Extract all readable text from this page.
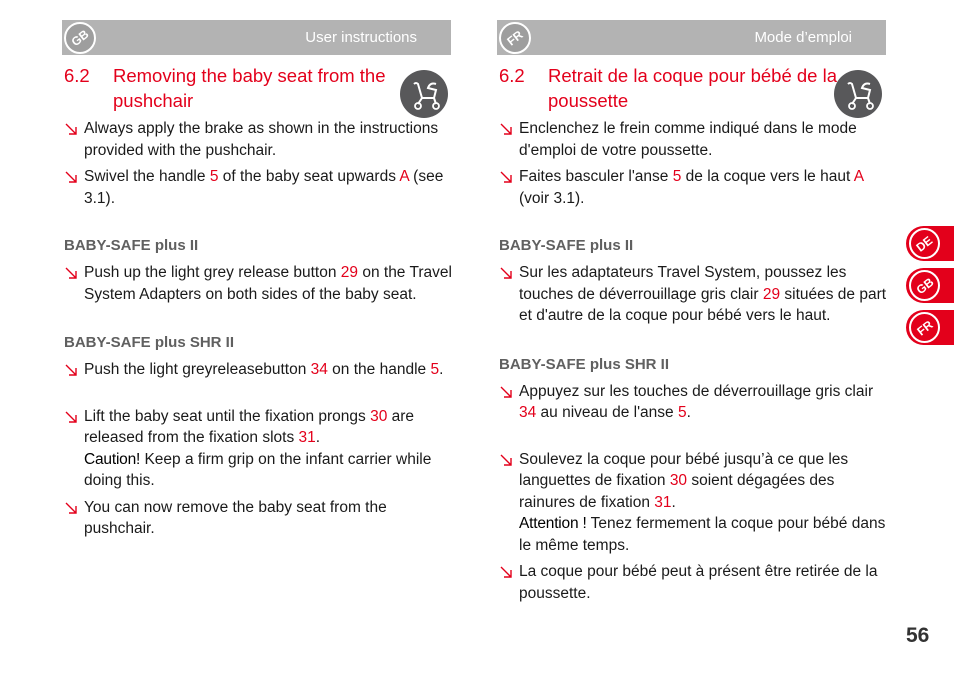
User instructions
GB	Mode d’emploi
FR
6.2 Removing the baby seat from the pushchair
Always apply the brake as shown in the instructions provided with the pushchair.
Swivel the handle 5 of the baby seat upwards A (see 3.1).
BABY-SAFE plus II
Push up the light grey release button 29 on the Travel System Adapters on both sides of the baby seat.
BABY-SAFE plus SHR II
Push the light greyreleasebutton 34 on the handle 5.
Lift the baby seat until the fixation prongs 30 are released from the fixation slots 31.
Caution! Keep a firm grip on the infant carrier while doing this.
You can now remove the baby seat from the pushchair.
6.2 Retrait de la coque pour bébé de la poussette
Enclenchez le frein comme indiqué dans le mode d'emploi de votre poussette.
Faites basculer l'anse 5 de la coque vers le haut A (voir 3.1).
BABY-SAFE plus II
Sur les adaptateurs Travel System, poussez les touches de déverrouillage gris clair 29 situées de part et d'autre de la coque pour bébé vers le haut.
BABY-SAFE plus SHR II
Appuyez sur les touches de déverrouillage gris clair 34 au niveau de l'anse 5.
Soulevez la coque pour bébé jusqu’à ce que les languettes de fixation 30 soient dégagées des rainures de fixation 31.
Attention ! Tenez fermement la coque pour bébé dans le même temps.
La coque pour bébé peut à présent être retirée de la poussette.
DE
GB
FR
56
